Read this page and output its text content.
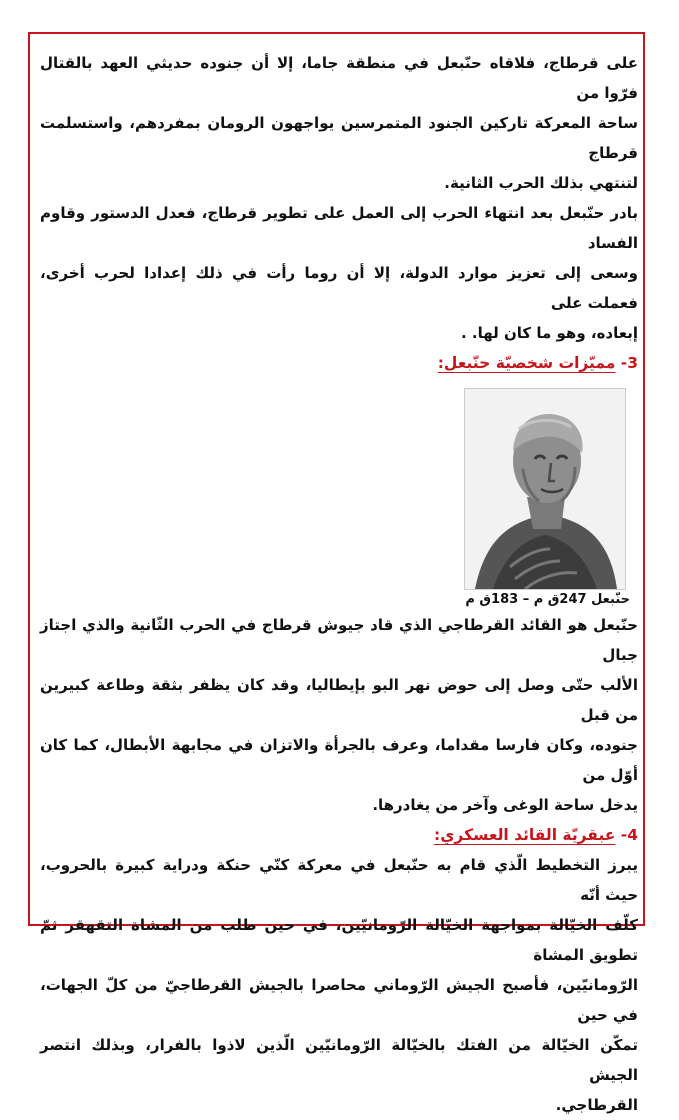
على قرطاج، فلاقاه حنّبعل في منطقة جاما، إلا أن جنوده حديثي العهد بالقتال فرّوا من

ساحة المعركة تاركين الجنود المتمرسين يواجهون الرومان بمفردهم، واستسلمت قرطاج

لتنتهي بذلك الحرب الثانية.

بادر حنّبعل بعد انتهاء الحرب إلى العمل على تطوير قرطاج، فعدل الدستور وقاوم الفساد

وسعى إلى تعزيز موارد الدولة، إلا أن روما رأت في ذلك إعدادا لحرب أخرى، فعملت على

إبعاده، وهو ما كان لها. .

3- مميّزات شخصيّة حنّبعل:
حنّبعل 247ق م – 183ق م

حنّبعل هو القائد القرطاجي الذي قاد جيوش قرطاج في الحرب الثّانية والذي اجتاز جبال

الألب حتّى وصل إلى حوض نهر البو بإيطاليا، وقد كان يظفر بثقة وطاعة كبيرين من قبل

جنوده، وكان فارسا مقداما، وعرف بالجرأة والاتزان في مجابهة الأبطال، كما كان أوّل من

يدخل ساحة الوغى وآخر من يغادرها.

4- عبقريّة القائد العسكري:

يبرز التخطيط الّذي قام به حنّبعل في معركة كنّي حنكة ودراية كبيرة بالحروب، حيث أنّه

كلّف الخيّالة بمواجهة الخيّالة الرّومانيّين، في حين طلب من المشاة التقهقر ثمّ تطويق المشاة

الرّومانيّين، فأصبح الجيش الرّوماني محاصرا بالجيش القرطاجيّ من كلّ الجهات، في حين

تمكّن الخيّالة من الفتك بالخيّالة الرّومانيّين الّذين لاذوا بالفرار، وبذلك انتصر الجيش

القرطاجي.
